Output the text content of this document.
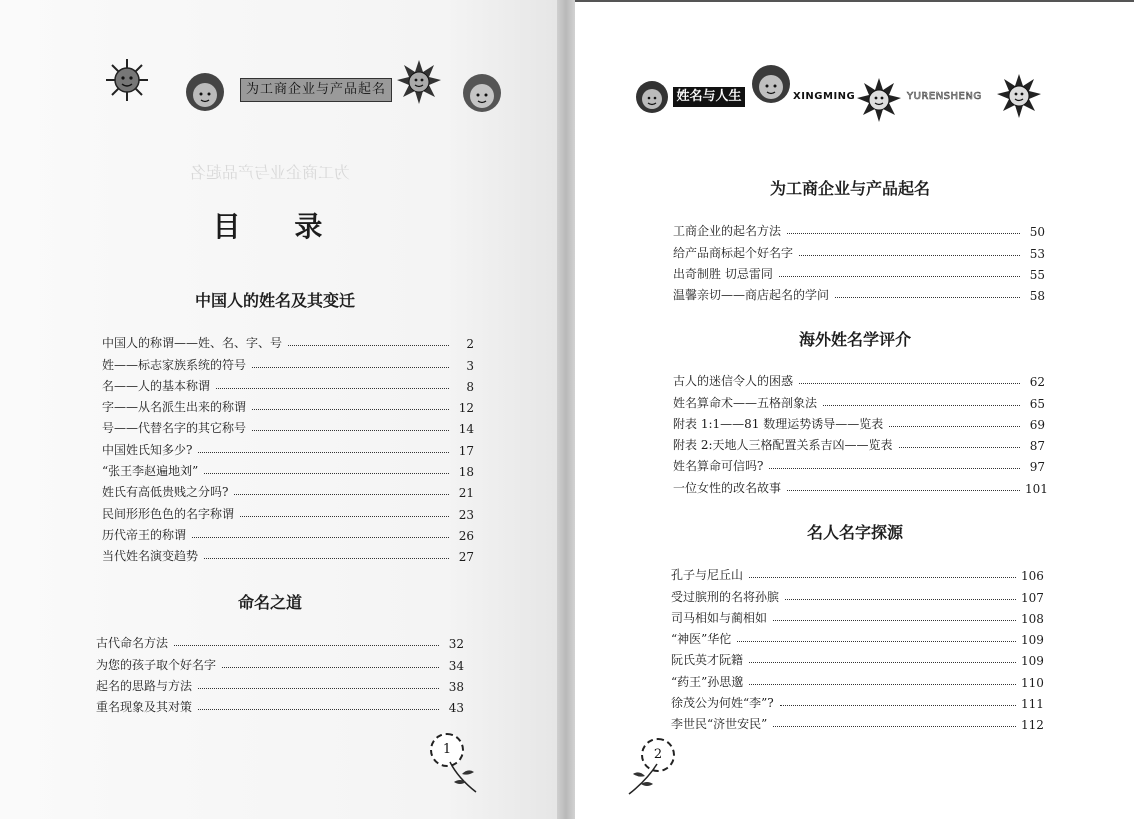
为工商企业与产品起名
为工商企业与产品起名
目 录
中国人的姓名及其变迁
中国人的称谓——姓、名、字、号	2
姓——标志家族系统的符号	3
名——人的基本称谓	8
字——从名派生出来的称谓	12
号——代替名字的其它称号	14
中国姓氏知多少?	17
“张王李赵遍地刘”	18
姓氏有高低贵贱之分吗?	21
民间形形色色的名字称谓	23
历代帝王的称谓	26
当代姓名演变趋势	27
命名之道
古代命名方法	32
为您的孩子取个好名字	34
起名的思路与方法	38
重名现象及其对策	43
1
姓名与人生	XINGMING	YURENSHENG
为工商企业与产品起名
工商企业的起名方法	50
给产品商标起个好名字	53
出奇制胜 切忌雷同	55
温馨亲切——商店起名的学问	58
海外姓名学评介
古人的迷信令人的困惑	62
姓名算命术——五格剖象法	65
附表 1:1——81 数理运势诱导——览表	69
附表 2:天地人三格配置关系吉凶——览表	87
姓名算命可信吗?	97
一位女性的改名故事	101
名人名字探源
孔子与尼丘山	106
受过膑刑的名将孙膑	107
司马相如与蔺相如	108
“神医”华佗	109
阮氏英才阮籍	109
“药王”孙思邈	110
徐茂公为何姓“李”?	111
李世民“济世安民”	112
2
